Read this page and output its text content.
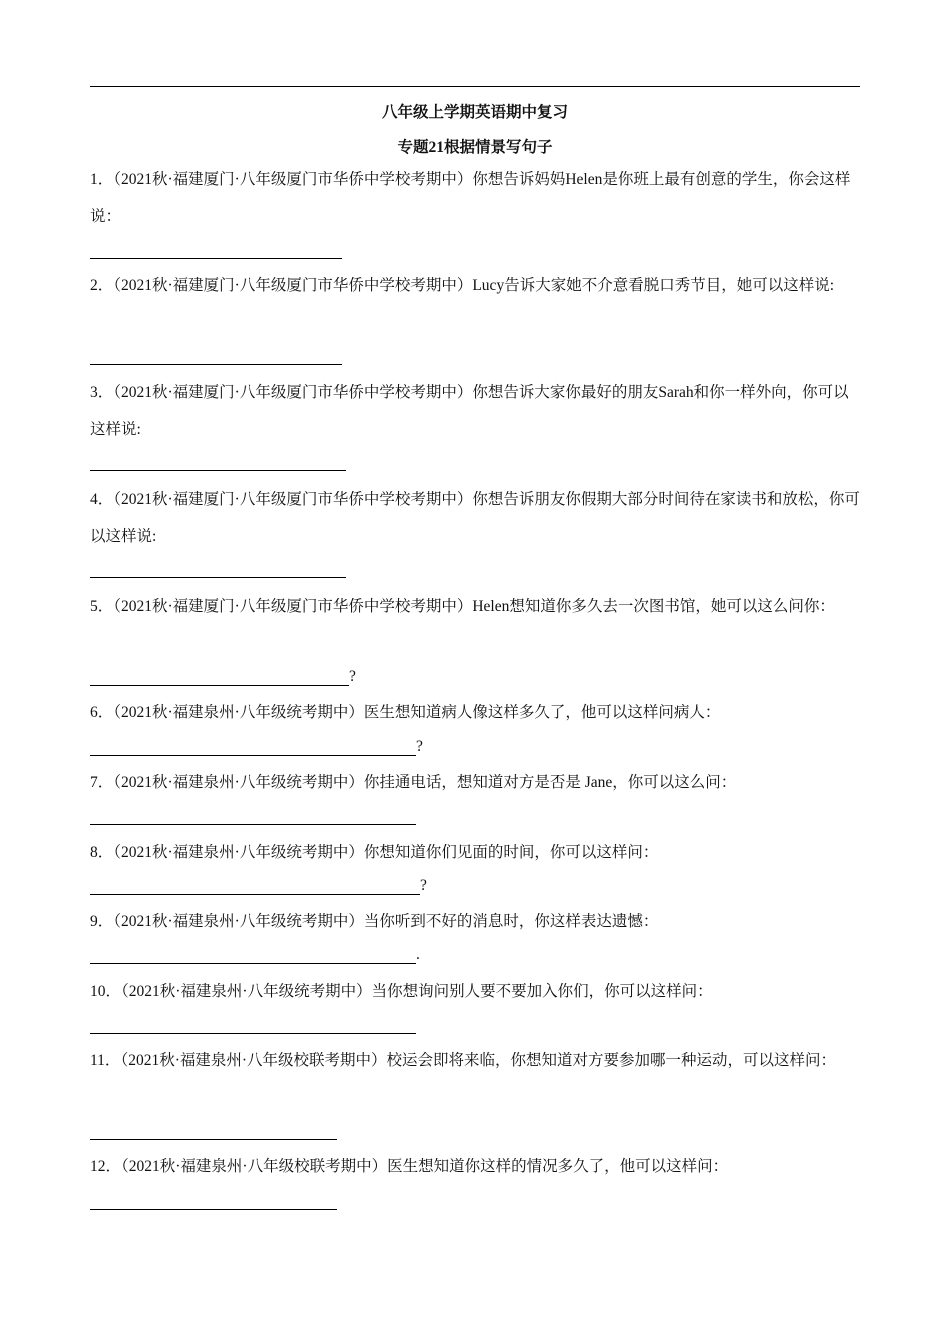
八年级上学期英语期中复习
专题21根据情景写句子
1．（2021秋·福建厦门·八年级厦门市华侨中学校考期中）你想告诉妈妈Helen是你班上最有创意的学生，你会这样说：
2．（2021秋·福建厦门·八年级厦门市华侨中学校考期中）Lucy告诉大家她不介意看脱口秀节目，她可以这样说:
3．（2021秋·福建厦门·八年级厦门市华侨中学校考期中）你想告诉大家你最好的朋友Sarah和你一样外向，你可以这样说:
4．（2021秋·福建厦门·八年级厦门市华侨中学校考期中）你想告诉朋友你假期大部分时间待在家读书和放松，你可以这样说:
5．（2021秋·福建厦门·八年级厦门市华侨中学校考期中）Helen想知道你多久去一次图书馆，她可以这么问你：
?
6．（2021秋·福建泉州·八年级统考期中）医生想知道病人像这样多久了，他可以这样问病人：
?
7．（2021秋·福建泉州·八年级统考期中）你挂通电话，想知道对方是否是 Jane，你可以这么问：
8．（2021秋·福建泉州·八年级统考期中）你想知道你们见面的时间，你可以这样问：
?
9．（2021秋·福建泉州·八年级统考期中）当你听到不好的消息时，你这样表达遗憾：
.
10．（2021秋·福建泉州·八年级统考期中）当你想询问别人要不要加入你们，你可以这样问：
11．（2021秋·福建泉州·八年级校联考期中）校运会即将来临，你想知道对方要参加哪一种运动，可以这样问：
12．（2021秋·福建泉州·八年级校联考期中）医生想知道你这样的情况多久了，他可以这样问：
